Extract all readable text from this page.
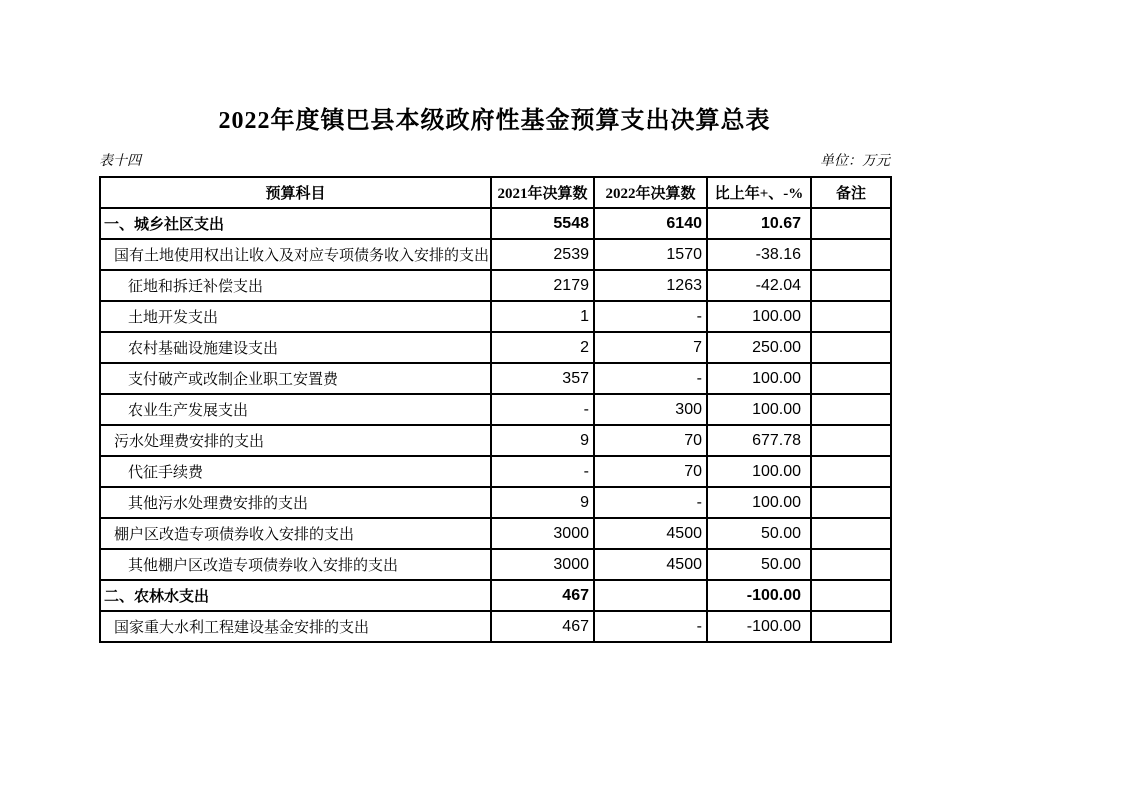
2022年度镇巴县本级政府性基金预算支出决算总表
表十四	单位：万元
预算科目	2021年决算数	2022年决算数	比上年+、-%	备注
一、城乡社区支出	5548	6140	10.67	
国有土地使用权出让收入及对应专项债务收入安排的支出	2539	1570	-38.16	
征地和拆迁补偿支出	2179	1263	-42.04	
土地开发支出	1	-	100.00	
农村基础设施建设支出	2	7	250.00	
支付破产或改制企业职工安置费	357	-	100.00	
农业生产发展支出	-	300	100.00	
污水处理费安排的支出	9	70	677.78	
代征手续费	-	70	100.00	
其他污水处理费安排的支出	9	-	100.00	
棚户区改造专项债券收入安排的支出	3000	4500	50.00	
其他棚户区改造专项债券收入安排的支出	3000	4500	50.00	
二、农林水支出	467		-100.00	
国家重大水利工程建设基金安排的支出	467	-	-100.00	
